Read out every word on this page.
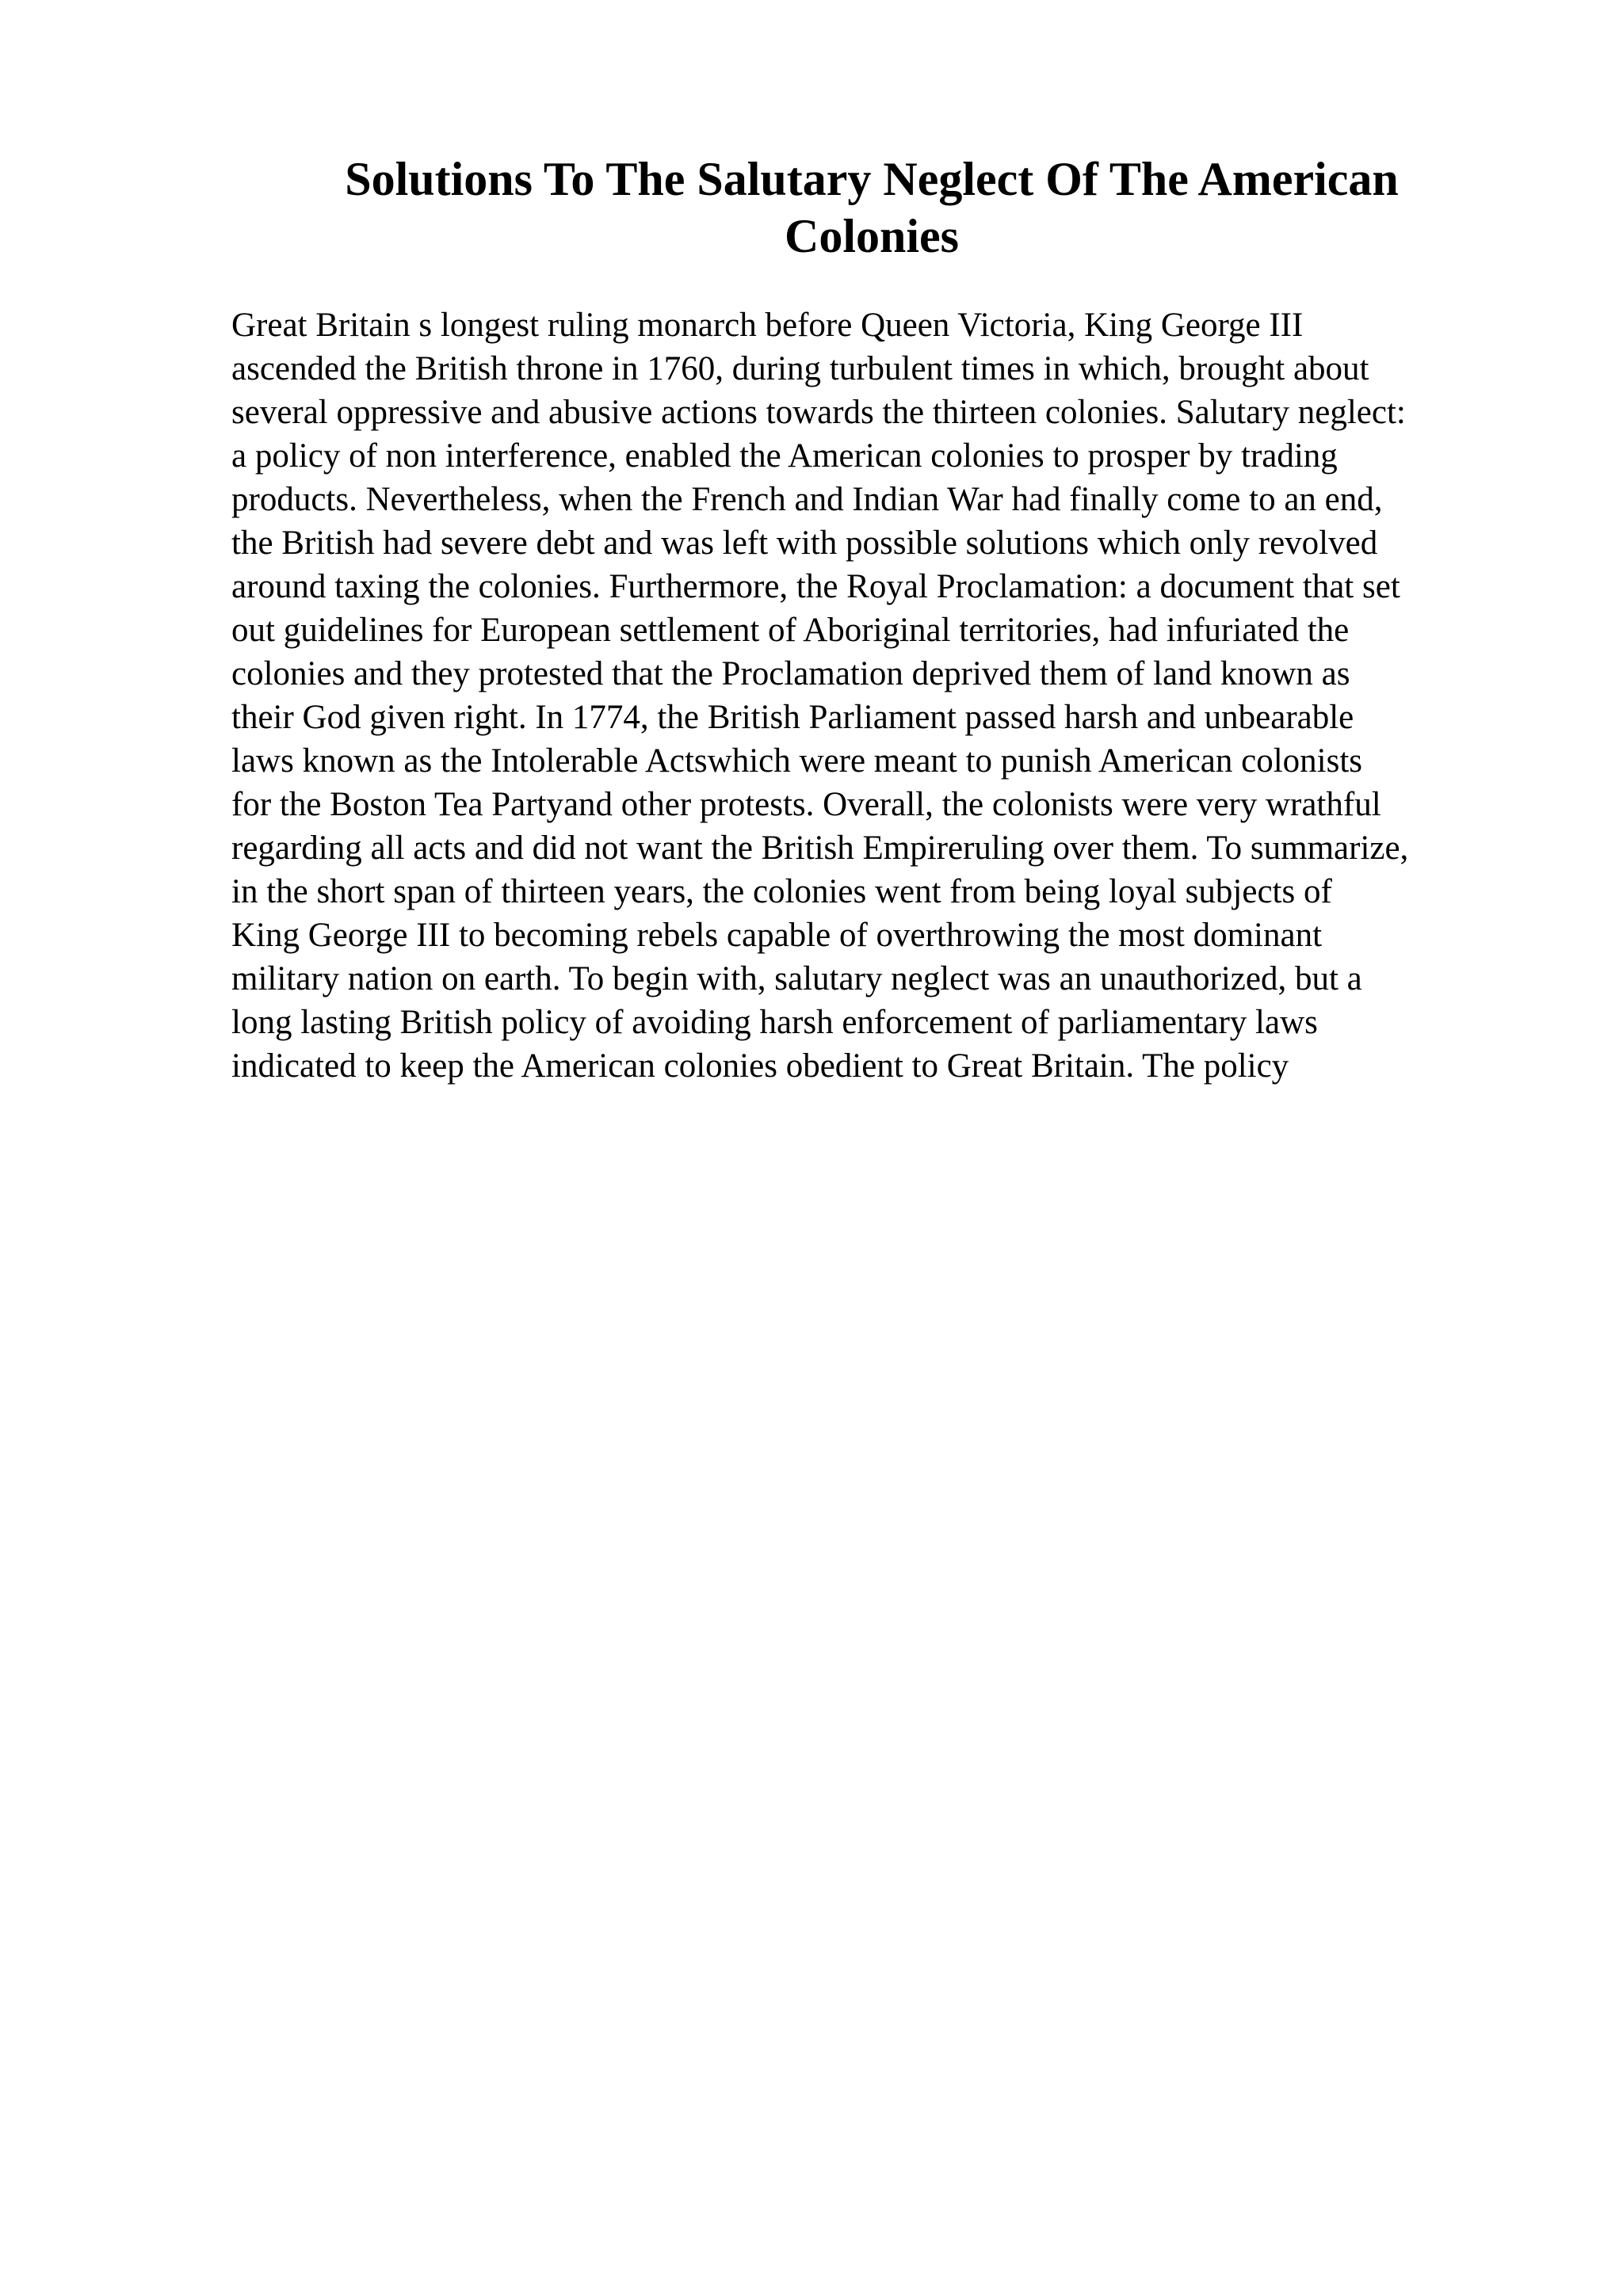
Solutions To The Salutary Neglect Of The American Colonies
Great Britain s longest ruling monarch before Queen Victoria, King George III
ascended the British throne in 1760, during turbulent times in which, brought about
several oppressive and abusive actions towards the thirteen colonies. Salutary neglect:
a policy of non interference, enabled the American colonies to prosper by trading
products. Nevertheless, when the French and Indian War had finally come to an end,
the British had severe debt and was left with possible solutions which only revolved
around taxing the colonies. Furthermore, the Royal Proclamation: a document that set
out guidelines for European settlement of Aboriginal territories, had infuriated the
colonies and they protested that the Proclamation deprived them of land known as
their God given right. In 1774, the British Parliament passed harsh and unbearable
laws known as the Intolerable Actswhich were meant to punish American colonists
for the Boston Tea Partyand other protests. Overall, the colonists were very wrathful
regarding all acts and did not want the British Empireruling over them. To summarize,
in the short span of thirteen years, the colonies went from being loyal subjects of
King George III to becoming rebels capable of overthrowing the most dominant
military nation on earth. To begin with, salutary neglect was an unauthorized, but a
long lasting British policy of avoiding harsh enforcement of parliamentary laws
indicated to keep the American colonies obedient to Great Britain. The policy
